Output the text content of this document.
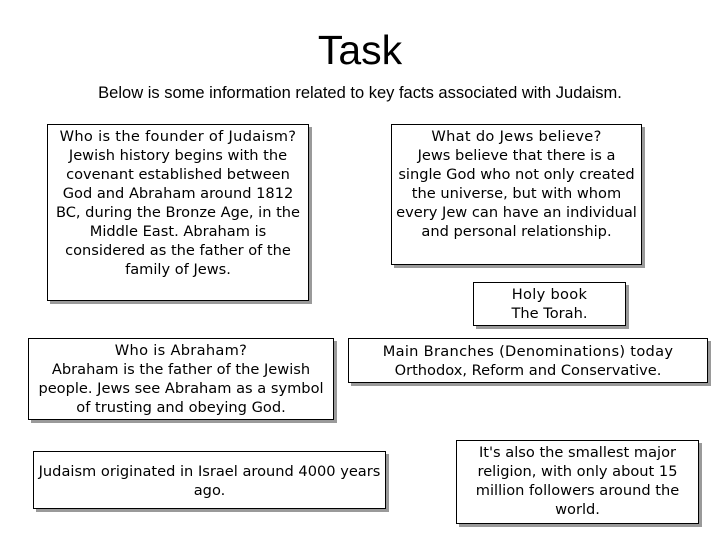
Task
Below is some information related to key facts associated with Judaism.
Who is the founder of Judaism?
Jewish history begins with the covenant established between God and Abraham around 1812 BC, during the Bronze Age, in the Middle East. Abraham is considered as the father of the family of Jews.
What do Jews believe?
Jews believe that there is a single God who not only created the universe, but with whom every Jew can have an individual and personal relationship.
Holy book
The Torah.
Who is Abraham?
Abraham is the father of the Jewish people. Jews see Abraham as a symbol of trusting and obeying God.
Main Branches (Denominations) today Orthodox, Reform and Conservative.
Judaism originated in Israel around 4000 years ago.
It's also the smallest major religion, with only about 15 million followers around the world.
